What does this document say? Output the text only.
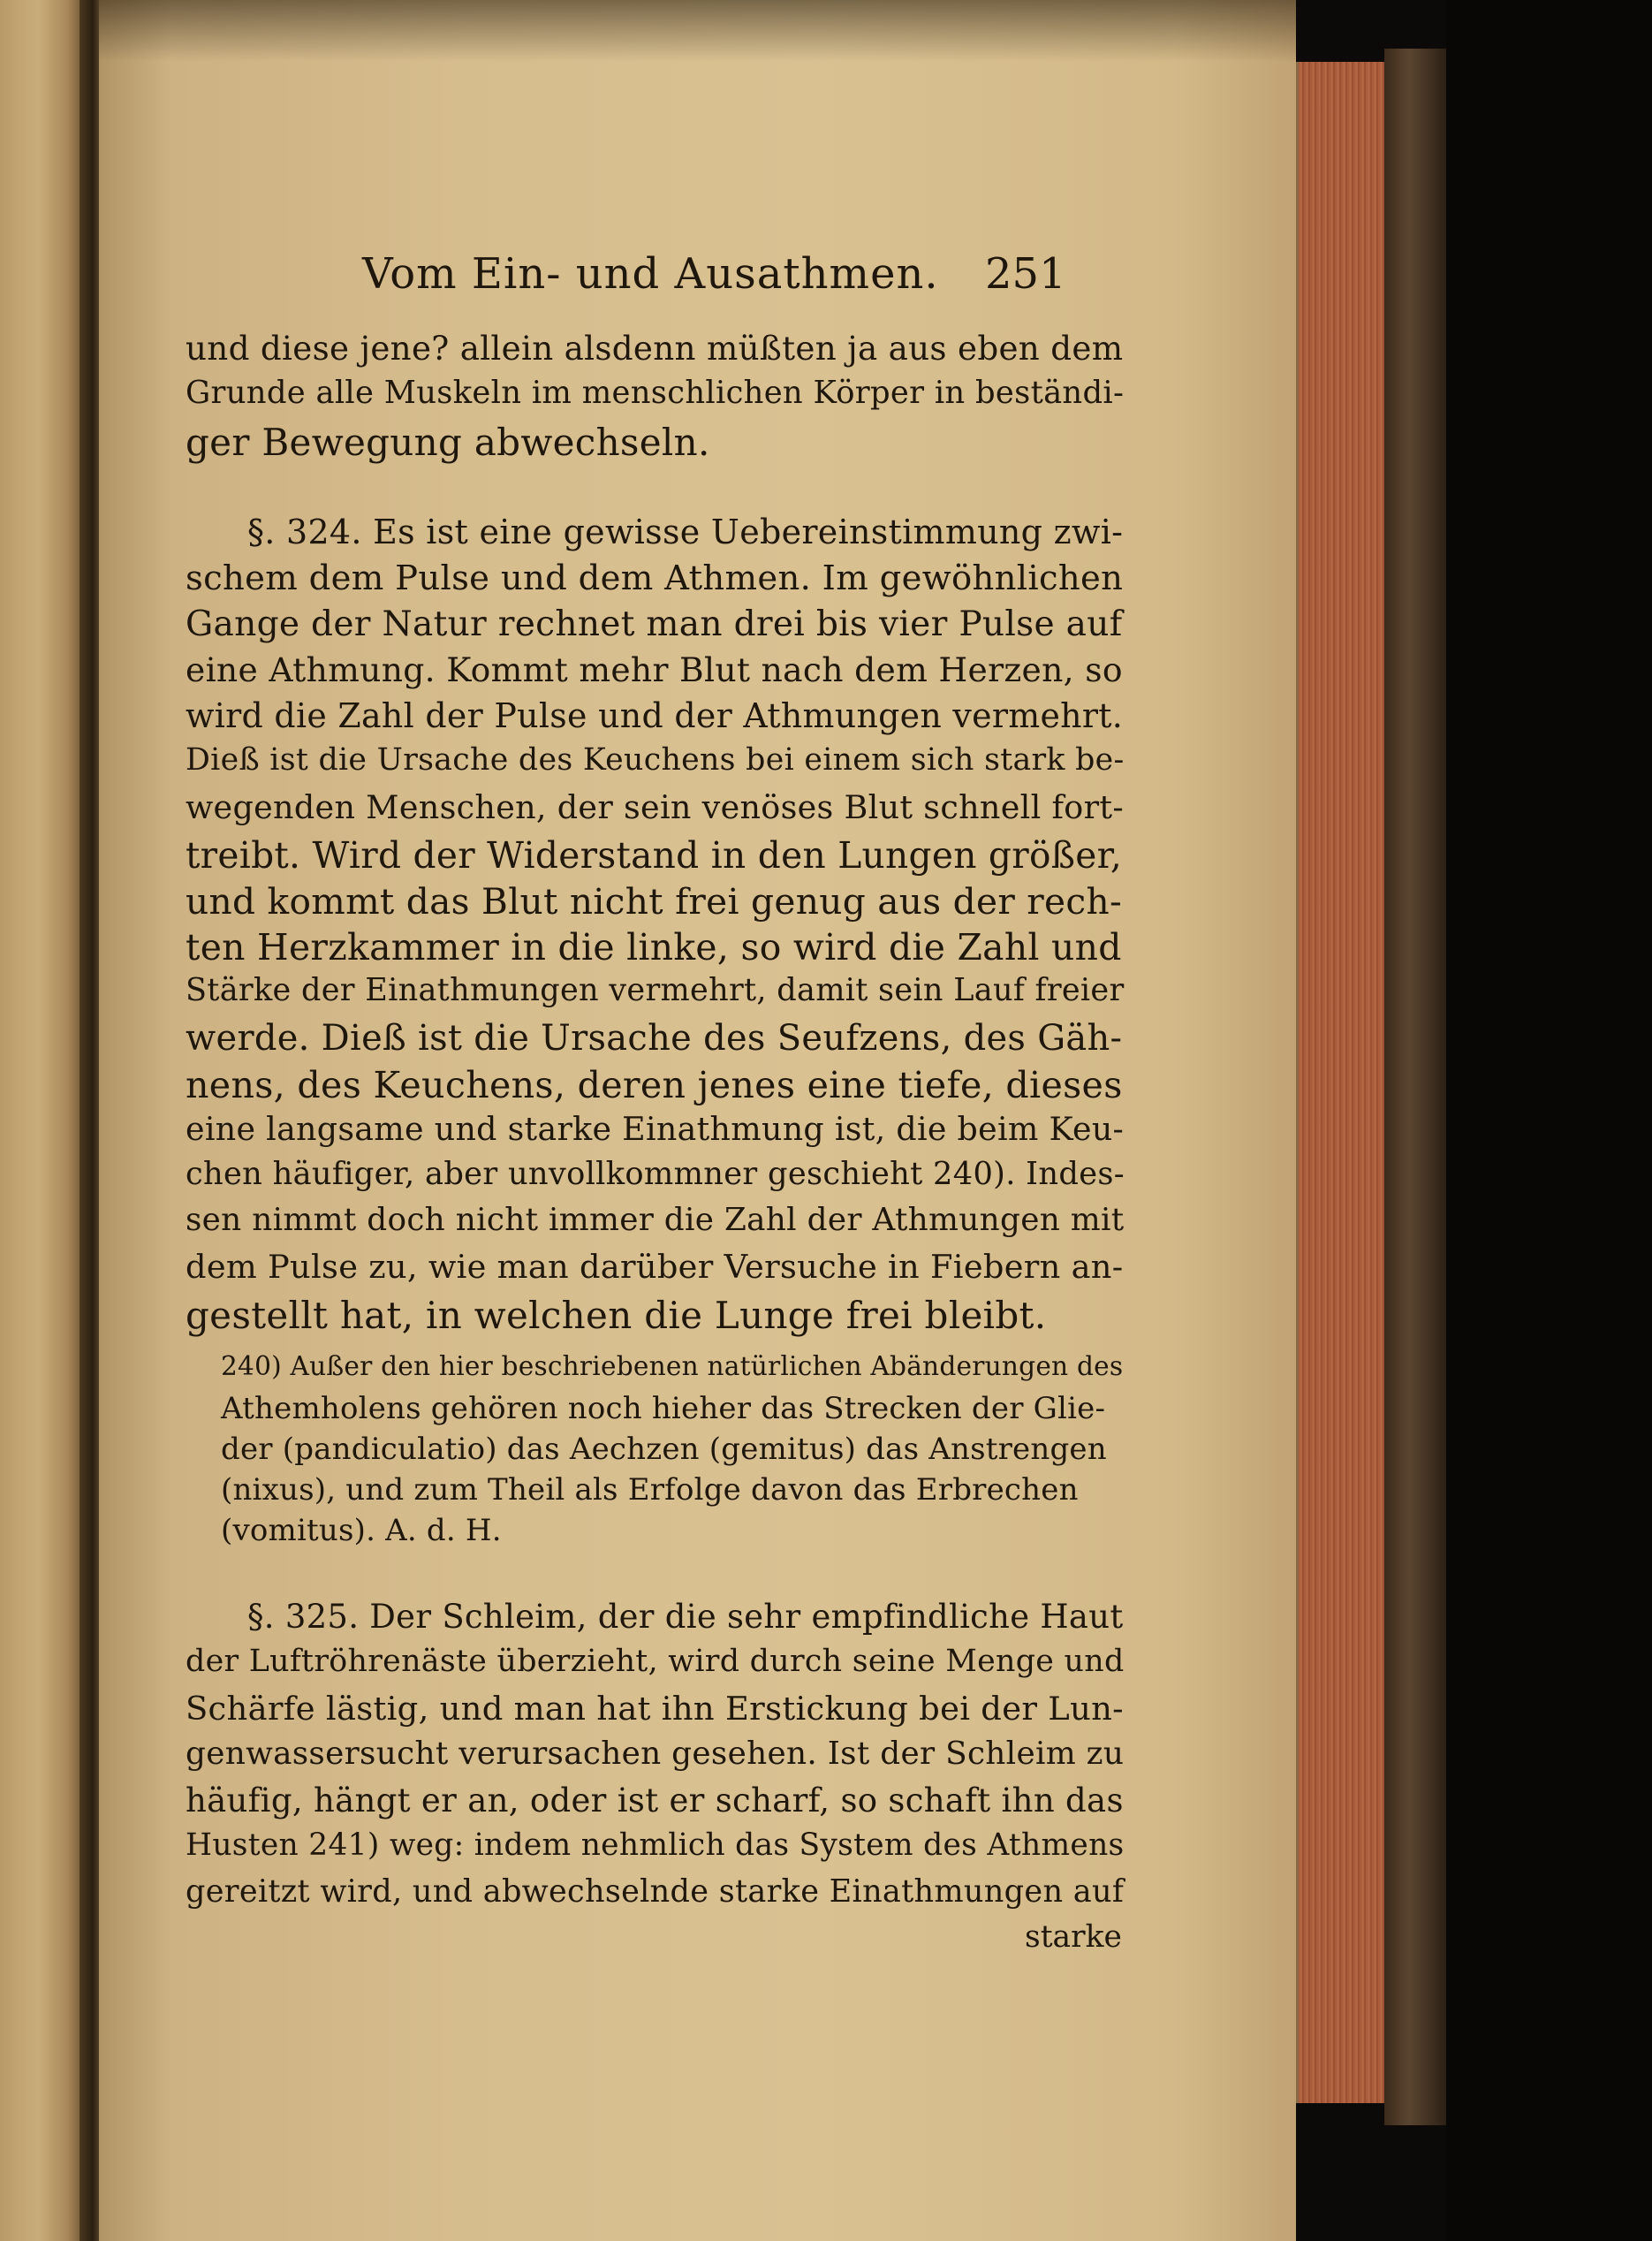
Vom Ein- und Ausathmen. 251
und diese jene? allein alsdenn müßten ja aus eben dem
Grunde alle Muskeln im menschlichen Körper in beständi-
ger Bewegung abwechseln.
§. 324. Es ist eine gewisse Uebereinstimmung zwi-
schem dem Pulse und dem Athmen. Im gewöhnlichen
Gange der Natur rechnet man drei bis vier Pulse auf
eine Athmung. Kommt mehr Blut nach dem Herzen, so
wird die Zahl der Pulse und der Athmungen vermehrt.
Dieß ist die Ursache des Keuchens bei einem sich stark be-
wegenden Menschen, der sein venöses Blut schnell fort-
treibt. Wird der Widerstand in den Lungen größer,
und kommt das Blut nicht frei genug aus der rech-
ten Herzkammer in die linke, so wird die Zahl und
Stärke der Einathmungen vermehrt, damit sein Lauf freier
werde. Dieß ist die Ursache des Seufzens, des Gäh-
nens, des Keuchens, deren jenes eine tiefe, dieses
eine langsame und starke Einathmung ist, die beim Keu-
chen häufiger, aber unvollkommner geschieht 240). Indes-
sen nimmt doch nicht immer die Zahl der Athmungen mit
dem Pulse zu, wie man darüber Versuche in Fiebern an-
gestellt hat, in welchen die Lunge frei bleibt.
240) Außer den hier beschriebenen natürlichen Abänderungen des
Athemholens gehören noch hieher das Strecken der Glie-
der (pandiculatio) das Aechzen (gemitus) das Anstrengen
(nixus), und zum Theil als Erfolge davon das Erbrechen
(vomitus). A. d. H.
§. 325. Der Schleim, der die sehr empfindliche Haut
der Luftröhrenäste überzieht, wird durch seine Menge und
Schärfe lästig, und man hat ihn Erstickung bei der Lun-
genwassersucht verursachen gesehen. Ist der Schleim zu
häufig, hängt er an, oder ist er scharf, so schaft ihn das
Husten 241) weg: indem nehmlich das System des Athmens
gereitzt wird, und abwechselnde starke Einathmungen auf
starke
